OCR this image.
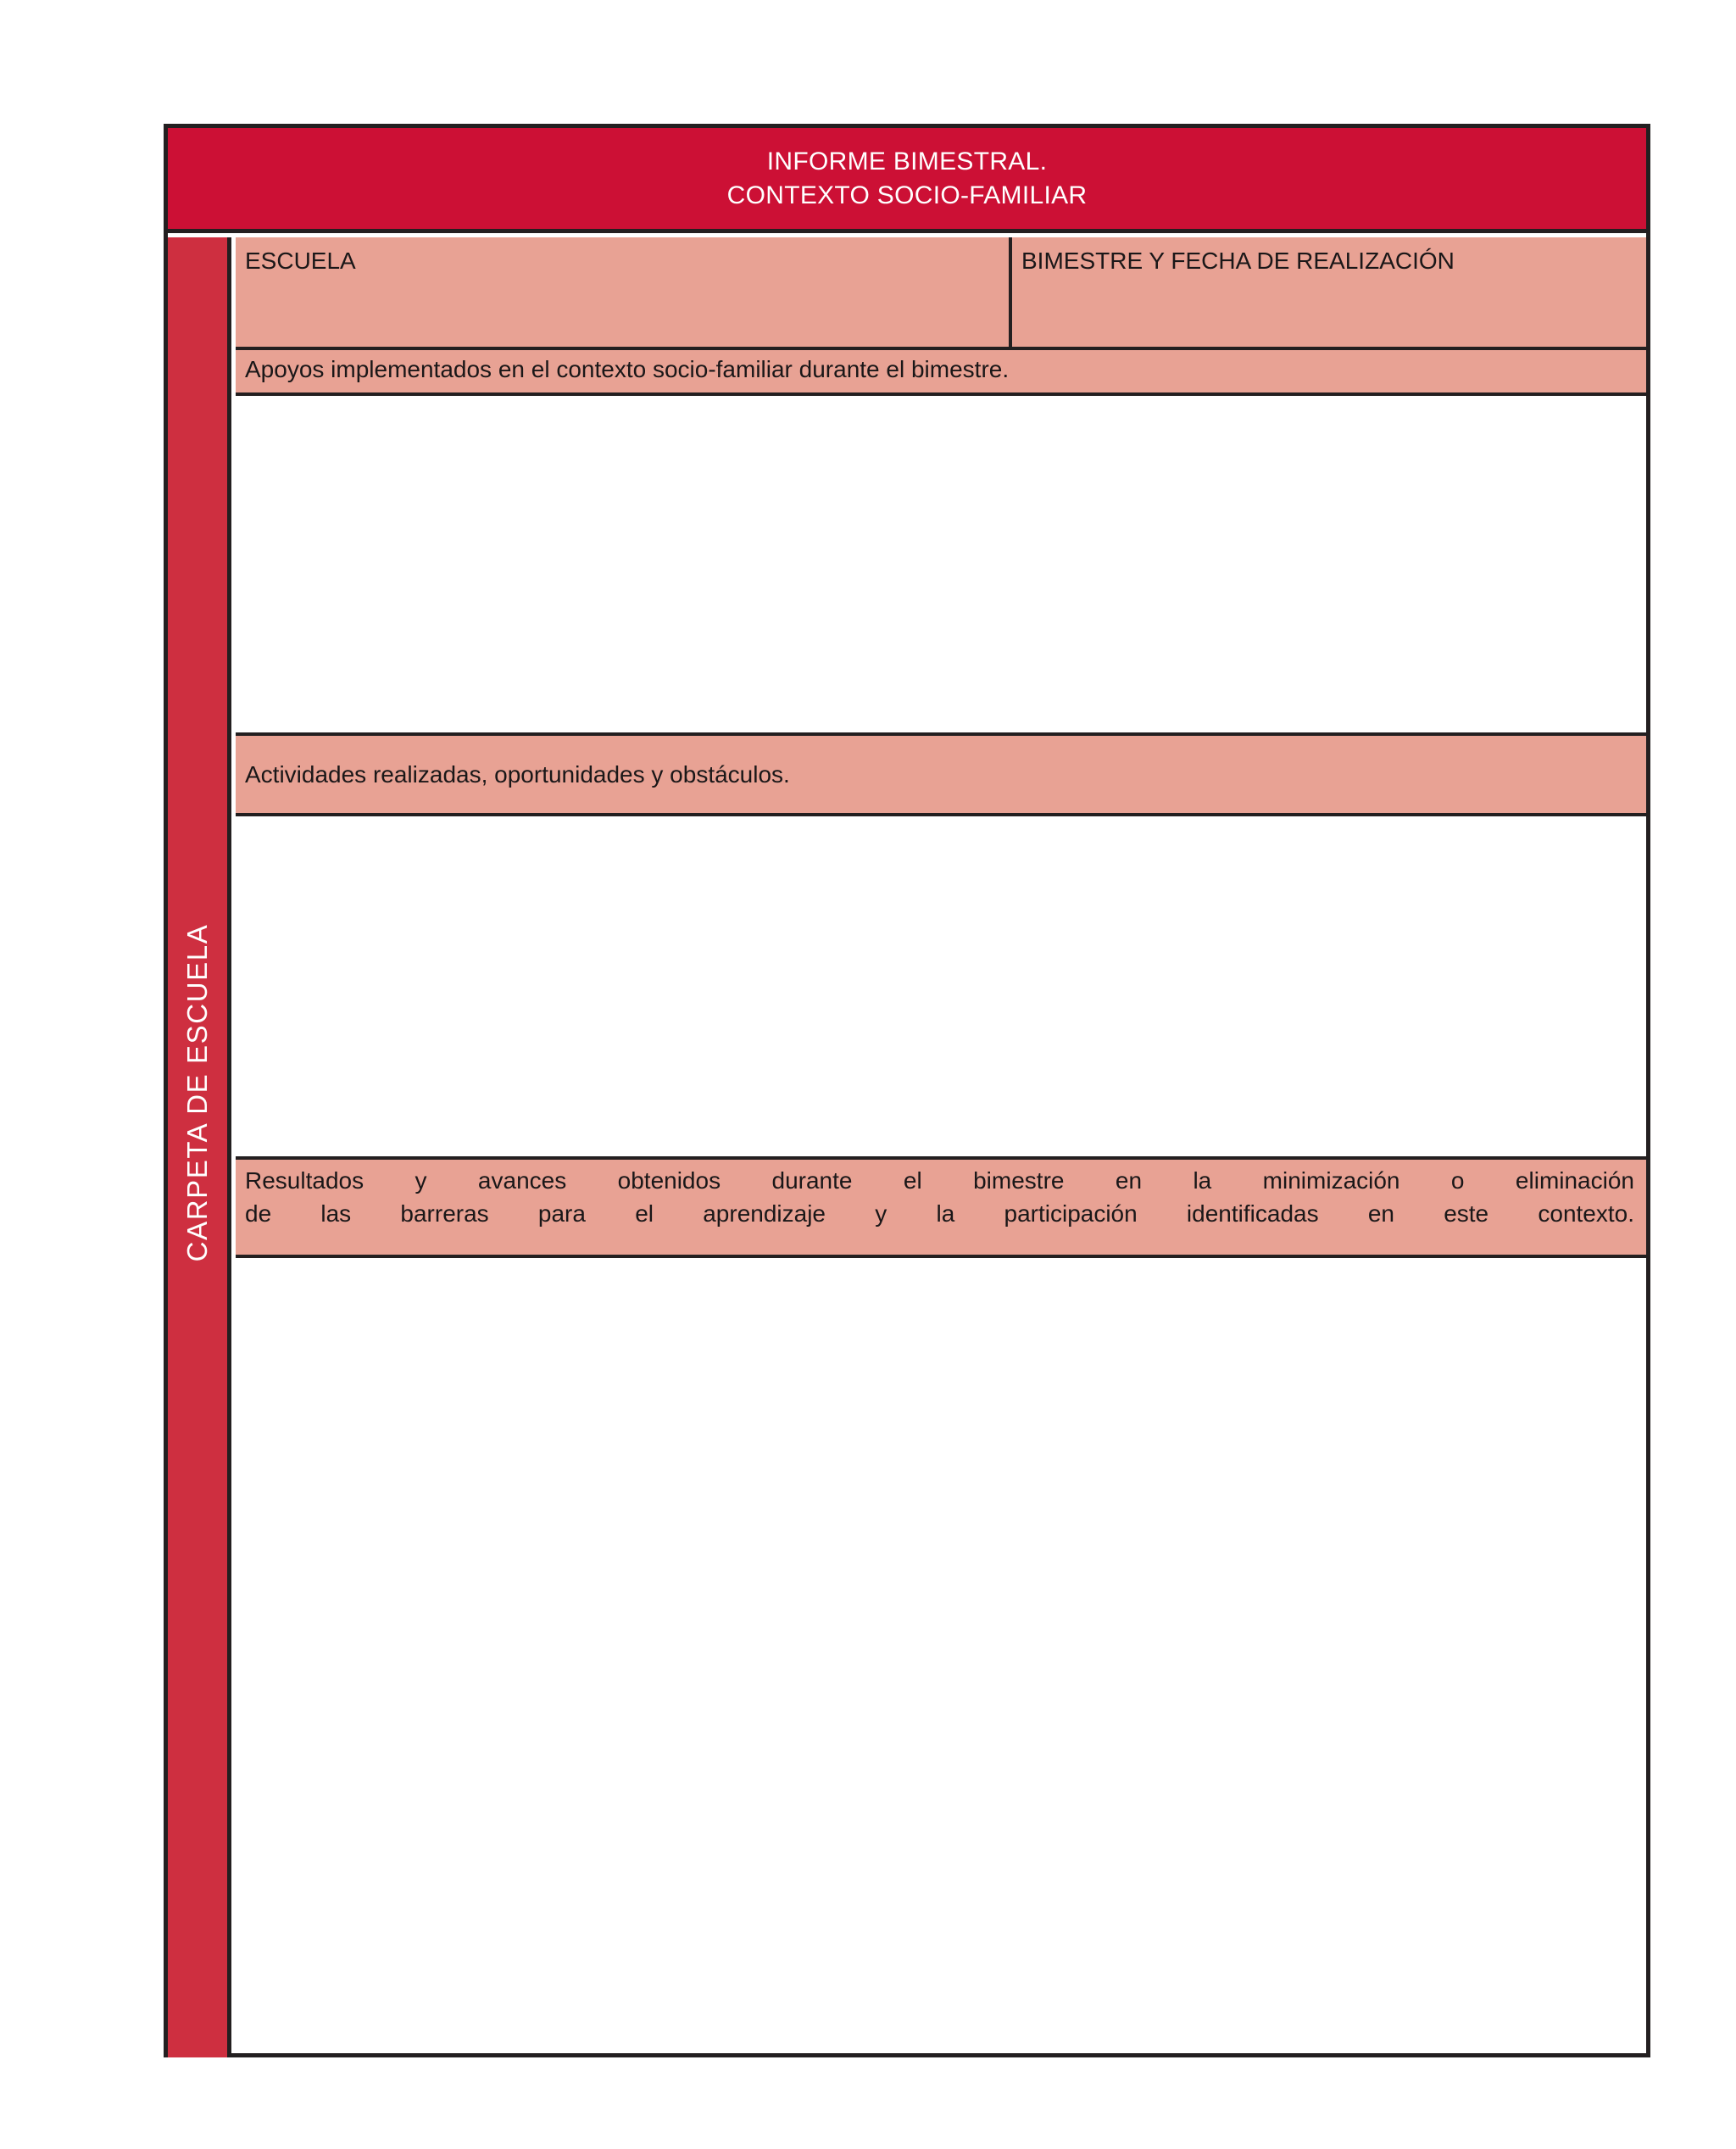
INFORME BIMESTRAL.
CONTEXTO SOCIO-FAMILIAR
CARPETA DE ESCUELA
ESCUELA	BIMESTRE Y FECHA DE REALIZACIÓN
Apoyos implementados en el contexto socio-familiar durante el bimestre.
Actividades realizadas, oportunidades y obstáculos.
Resultados y avances obtenidos durante el bimestre en la minimización o eliminación
de las barreras para el aprendizaje y la participación identificadas en este contexto.
